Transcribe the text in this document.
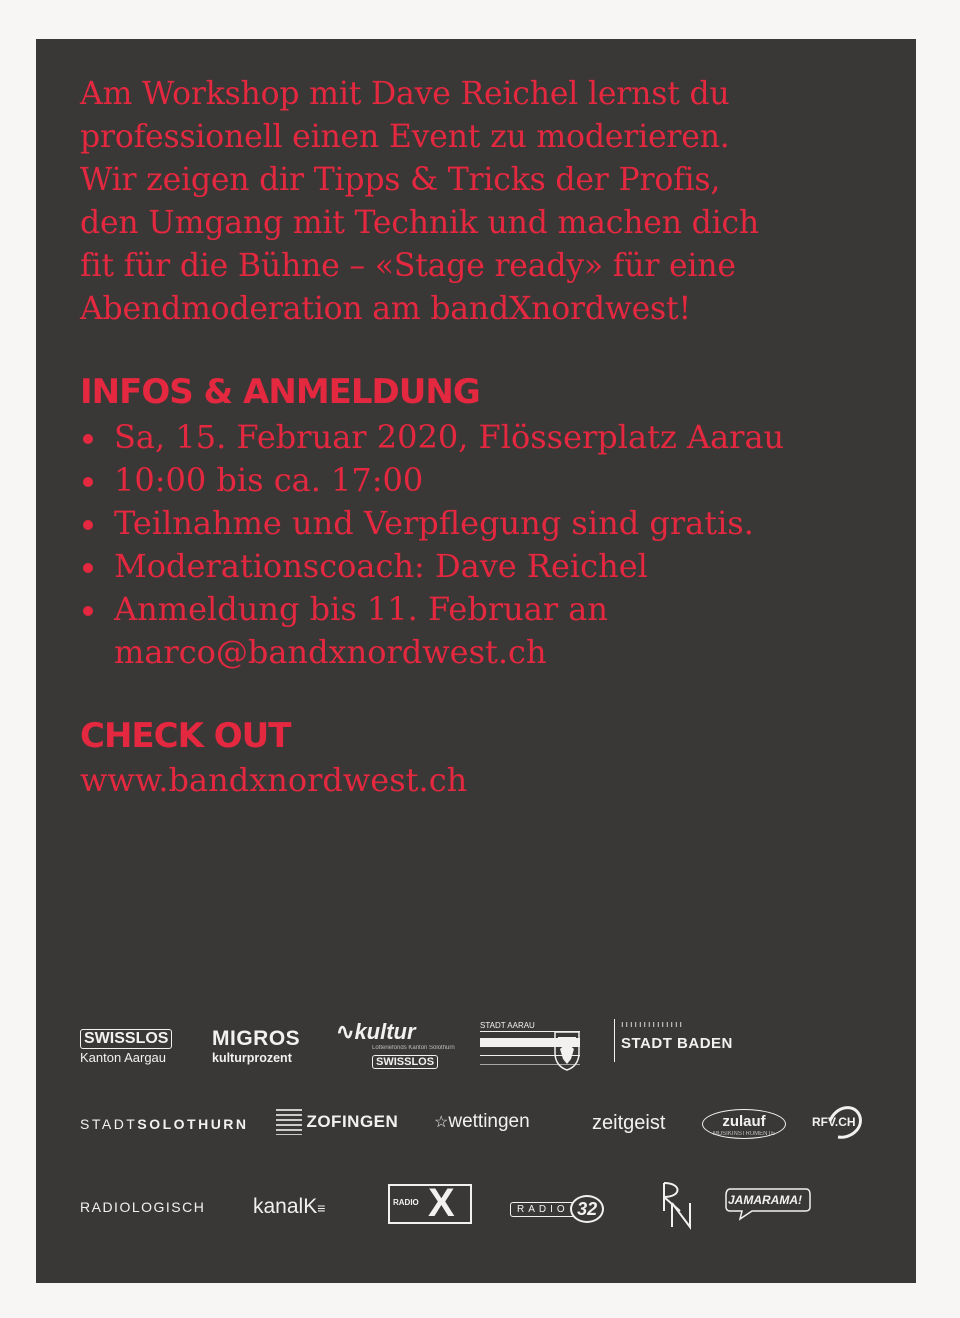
Am Workshop mit Dave Reichel lernst du
professionell einen Event zu moderieren.
Wir zeigen dir Tipps & Tricks der Profis,
den Umgang mit Technik und machen dich
fit für die Bühne – «Stage ready» für eine
Abendmoderation am bandXnordwest!
INFOS & ANMELDUNG
Sa, 15. Februar 2020, Flösserplatz Aarau
10:00 bis ca. 17:00
Teilnahme und Verpflegung sind gratis.
Moderationscoach: Dave Reichel
Anmeldung bis 11. Februar an
marco@bandxnordwest.ch
CHECK OUT
www.bandxnordwest.ch
SWISSLOS
Kanton Aargau
MIGROS
kulturprozent
∿kultur
Lotteriefonds Kanton Solothurn
SWISSLOS
STADT AARAU	ıııııııııııııı
STADT BADEN
STADTSOLOTHURN	ZOFINGEN ☆wettingen	zeitgeist	zulauf
MUSIKINSTRUMENTE
RFV.CH
RADIOLOGISCH kanalK≡	RADIO X	RADIO 32	JAMARAMA!
